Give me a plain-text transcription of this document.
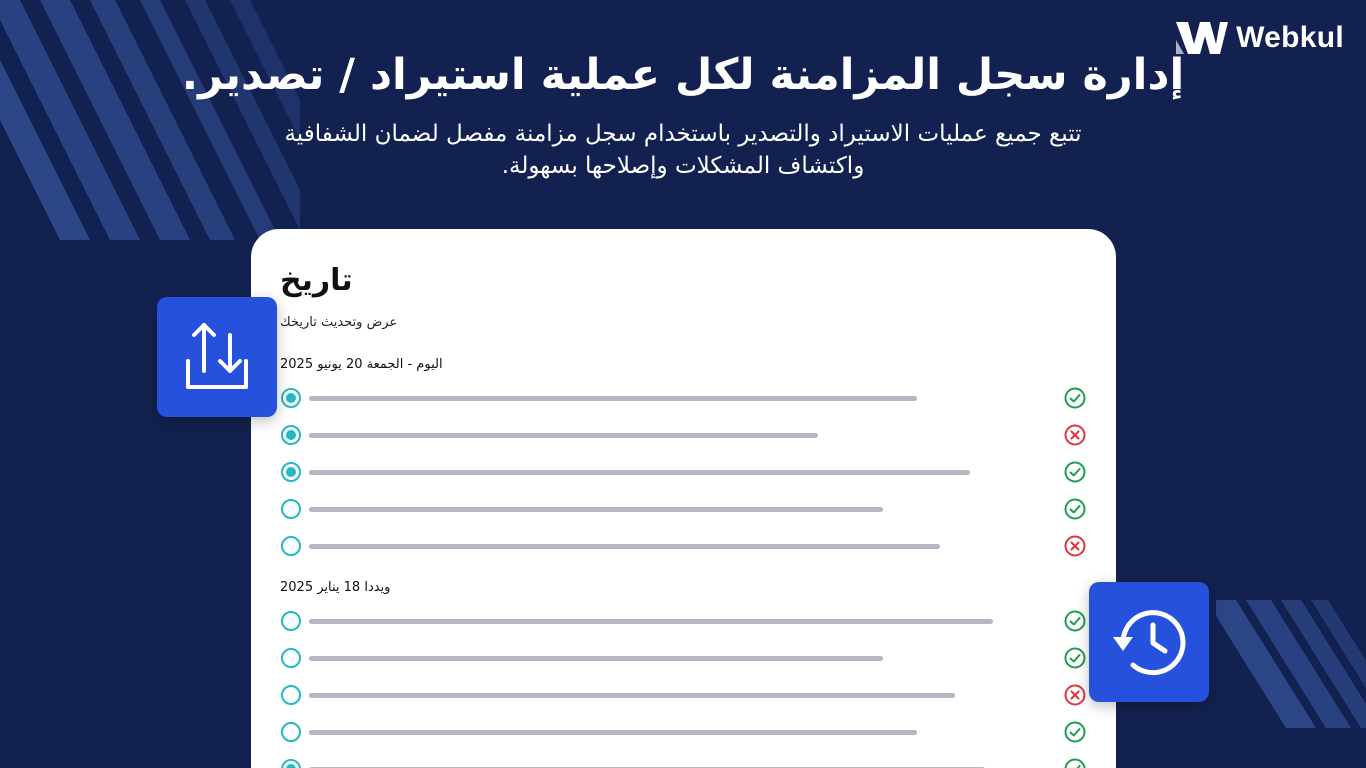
Webkul
إدارة سجل المزامنة لكل عملية استيراد / تصدير.
تتبع جميع عمليات الاستيراد والتصدير باستخدام سجل مزامنة مفصل لضمان الشفافية واكتشاف المشكلات وإصلاحها بسهولة.
تاريخ
عرض وتحديث تاريخك
اليوم - الجمعة 20 يونيو 2025
ويددا 18 يناير 2025
